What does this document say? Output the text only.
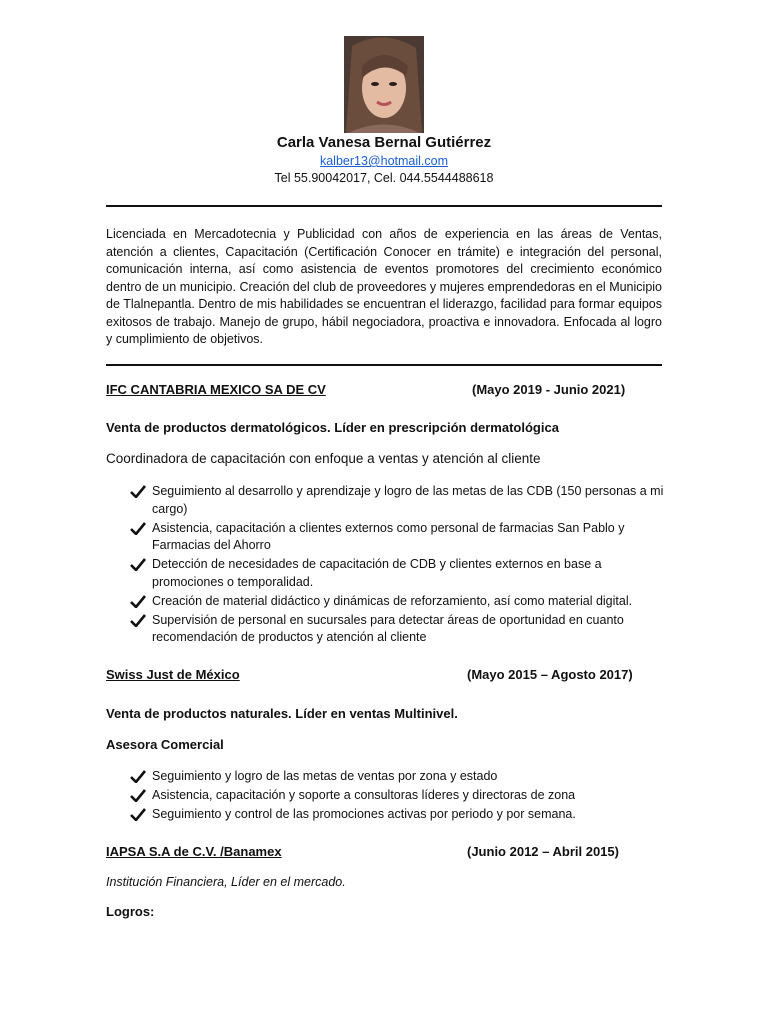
Carla Vanesa Bernal Gutiérrez
kalber13@hotmail.com
Tel 55.90042017, Cel. 044.5544488618
Licenciada en Mercadotecnia y Publicidad con años de experiencia en las áreas de Ventas, atención a clientes, Capacitación (Certificación Conocer en trámite) e integración del personal, comunicación interna, así como asistencia de eventos promotores del crecimiento económico dentro de un municipio. Creación del club de proveedores y mujeres emprendedoras en el Municipio de Tlalnepantla. Dentro de mis habilidades se encuentran el liderazgo, facilidad para formar equipos exitosos de trabajo. Manejo de grupo, hábil negociadora, proactiva e innovadora. Enfocada al logro y cumplimiento de objetivos.
IFC CANTABRIA MEXICO SA DE CV	(Mayo 2019 - Junio 2021)
Venta de productos dermatológicos. Líder en prescripción dermatológica
Coordinadora de capacitación con enfoque a ventas y atención al cliente
Seguimiento al desarrollo y aprendizaje y logro de las metas de las CDB (150 personas a mi cargo)
Asistencia, capacitación a clientes externos como personal de farmacias San Pablo y Farmacias del Ahorro
Detección de necesidades de capacitación de CDB y clientes externos en base a promociones o temporalidad.
Creación de material didáctico y dinámicas de reforzamiento, así como material digital.
Supervisión de personal en sucursales para detectar áreas de oportunidad en cuanto recomendación de productos y atención al cliente
Swiss Just de México	(Mayo 2015 – Agosto 2017)
Venta de productos naturales. Líder en ventas Multinivel.
Asesora Comercial
Seguimiento y logro de las metas de ventas por zona y estado
Asistencia, capacitación y soporte a consultoras líderes y directoras de zona
Seguimiento y control de las promociones activas por periodo y por semana.
IAPSA S.A de C.V. /Banamex	(Junio 2012 – Abril 2015)
Institución Financiera, Líder en el mercado.
Logros:
